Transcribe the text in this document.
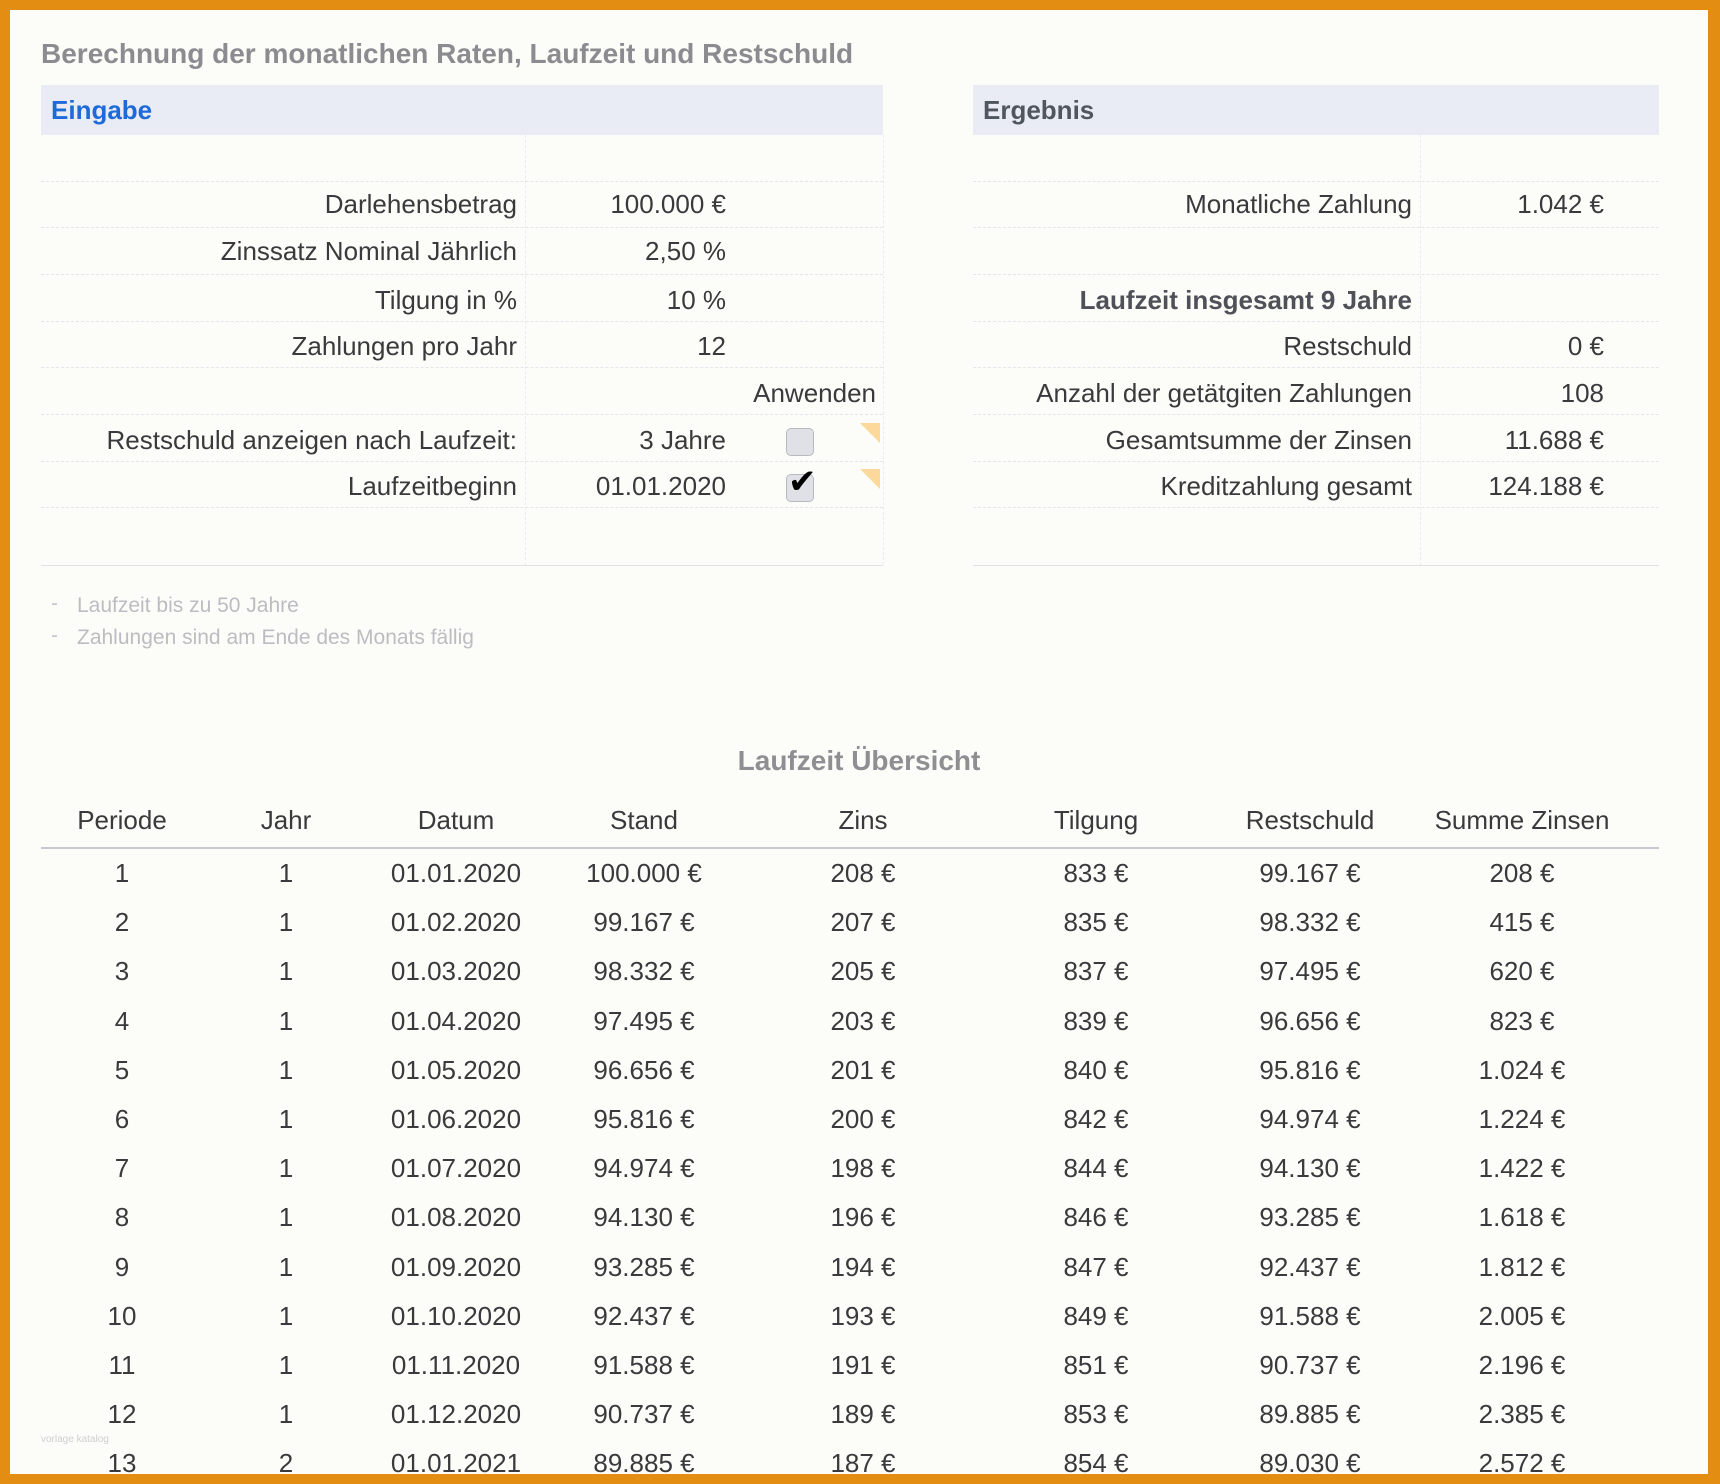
Berechnung der monatlichen Raten, Laufzeit und Restschuld
Eingabe
Darlehensbetrag	100.000 €
Zinssatz Nominal Jährlich	2,50 %
Tilgung in %	10 %
Zahlungen pro Jahr	12
Anwenden
Restschuld anzeigen nach Laufzeit:	3 Jahre
Laufzeitbeginn	01.01.2020 ✔
Ergebnis
Monatliche Zahlung	1.042 €
Laufzeit insgesamt 9 Jahre
Restschuld	0 €
Anzahl der getätgiten Zahlungen	108
Gesamtsumme der Zinsen	11.688 €
Kreditzahlung gesamt	124.188 €
- Laufzeit bis zu 50 Jahre
- Zahlungen sind am Ende des Monats fällig
Laufzeit Übersicht
Periode	Jahr	Datum	Stand	Zins	Tilgung	Restschuld	Summe Zinsen
1	1	01.01.2020	100.000 €	208 €	833 €	99.167 €	208 €
2	1	01.02.2020	99.167 €	207 €	835 €	98.332 €	415 €
3	1	01.03.2020	98.332 €	205 €	837 €	97.495 €	620 €
4	1	01.04.2020	97.495 €	203 €	839 €	96.656 €	823 €
5	1	01.05.2020	96.656 €	201 €	840 €	95.816 €	1.024 €
6	1	01.06.2020	95.816 €	200 €	842 €	94.974 €	1.224 €
7	1	01.07.2020	94.974 €	198 €	844 €	94.130 €	1.422 €
8	1	01.08.2020	94.130 €	196 €	846 €	93.285 €	1.618 €
9	1	01.09.2020	93.285 €	194 €	847 €	92.437 €	1.812 €
10	1	01.10.2020	92.437 €	193 €	849 €	91.588 €	2.005 €
11	1	01.11.2020	91.588 €	191 €	851 €	90.737 €	2.196 €
12	1	01.12.2020	90.737 €	189 €	853 €	89.885 €	2.385 €
13	2	01.01.2021	89.885 €	187 €	854 €	89.030 €	2.572 €
vorlage katalog
